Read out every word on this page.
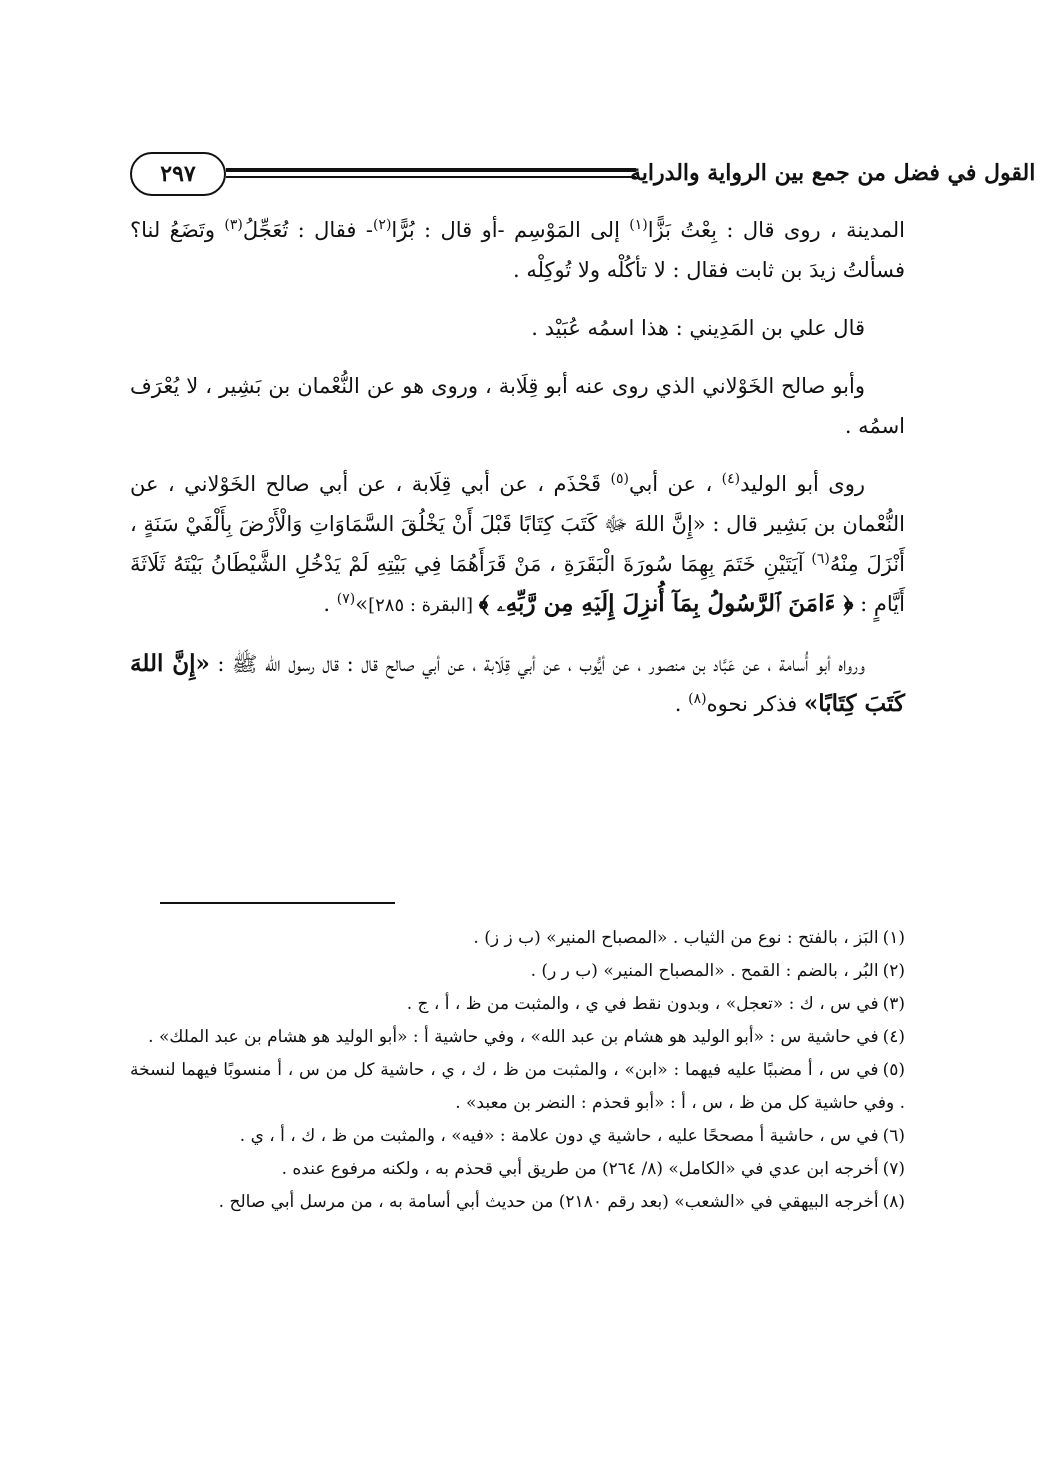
٢٩٧	القول في فضل من جمع بين الرواية والدراية

المدينة ، روى قال : بِعْتُ بَزًّا$^{(١)}$ إلى المَوْسِم -أو قال : بُرًّا$^{(٢)}$- فقال : تُعَجِّلُ$^{(٣)}$ وتَضَعُ لنا؟ فسألتُ زيدَ بن ثابت فقال : لا تأكُلْه ولا تُوكِلْه .

قال علي بن المَدِيني : هذا اسمُه عُبَيْد .

وأبو صالح الخَوْلاني الذي روى عنه أبو قِلَابة ، وروى هو عن النُّعْمان بن بَشِير ، لا يُعْرَف اسمُه .

روى أبو الوليد$^{(٤)}$ ، عن أبي$^{(٥)}$ قَحْذَم ، عن أبي قِلَابة ، عن أبي صالح الخَوْلاني ، عن النُّعْمان بن بَشِير قال : «إِنَّ اللهَ ﷻ كَتَبَ كِتَابًا قَبْلَ أَنْ يَخْلُقَ السَّمَاوَاتِ وَالْأَرْضَ بِأَلْفَيْ سَنَةٍ ، أَنْزَلَ مِنْهُ$^{(٦)}$ آيَتَيْنِ خَتَمَ بِهِمَا سُورَةَ الْبَقَرَةِ ، مَنْ قَرَأَهُمَا فِي بَيْتِهِ لَمْ يَدْخُلِ الشَّيْطَانُ بَيْتَهُ ثَلَاثَةَ أَيَّامٍ : ﴿ ءَامَنَ ٱلرَّسُولُ بِمَآ أُنزِلَ إِلَيۡهِ مِن رَّبِّهِۦ ﴾ [البقرة : ٢٨٥]»$^{(٧)}$ .

ورواه أبو أُسامة ، عن عَبَّاد بن منصور ، عن أيُّوب ، عن أبي قِلَابة ، عن أبي صالح قال : قال رسول الله ﷺ : «إِنَّ اللهَ كَتَبَ كِتَابًا» فذكر نحوه$^{(٨)}$ .

(١)البَز ، بالفتح : نوع من الثياب . «المصباح المنير» (ب ز ز) .

(٢)البُر ، بالضم : القمح . «المصباح المنير» (ب ر ر) .

(٣)في س ، ك : «تعجل» ، وبدون نقط في ي ، والمثبت من ظ ، أ ، ج .

(٤)في حاشية س : «أبو الوليد هو هشام بن عبد الله» ، وفي حاشية أ : «أبو الوليد هو هشام بن عبد الملك» .

(٥)في س ، أ مضببًا عليه فيهما : «ابن» ، والمثبت من ظ ، ك ، ي ، حاشية كل من س ، أ منسوبًا فيهما لنسخة . وفي حاشية كل من ظ ، س ، أ : «أبو قحذم : النضر بن معبد» .

(٦)في س ، حاشية أ مصححًا عليه ، حاشية ي دون علامة : «فيه» ، والمثبت من ظ ، ك ، أ ، ي .

(٧)أخرجه ابن عدي في «الكامل» (٨/ ٢٦٤) من طريق أبي قحذم به ، ولكنه مرفوع عنده .

(٨)أخرجه البيهقي في «الشعب» (بعد رقم ٢١٨٠) من حديث أبي أسامة به ، من مرسل أبي صالح .
